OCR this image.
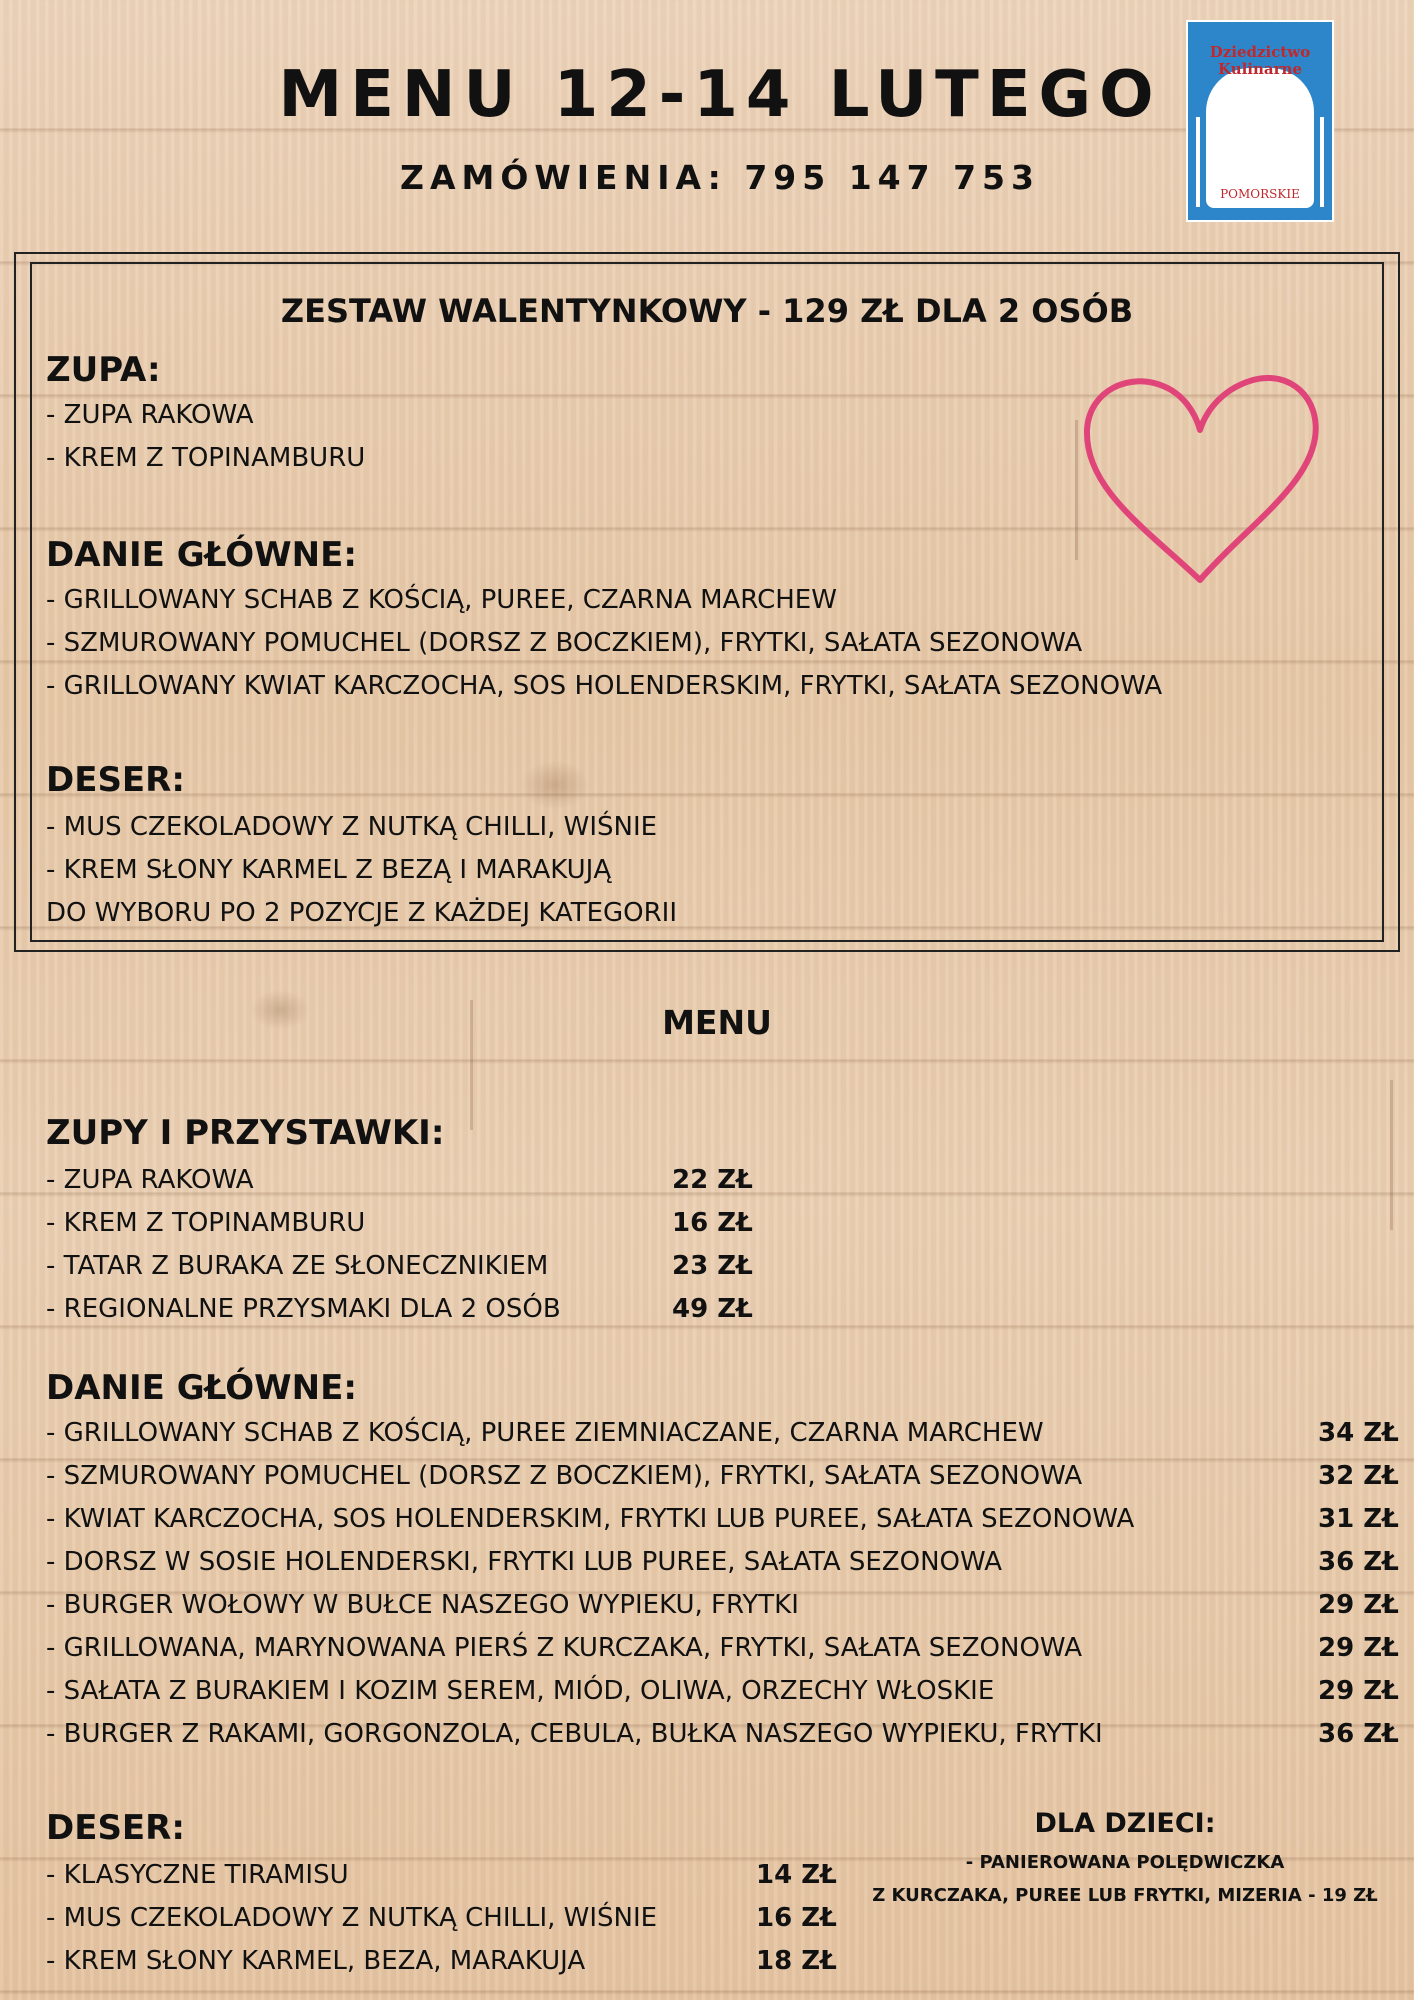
MENU 12-14 LUTEGO
ZAMÓWIENIA: 795 147 753
Dziedzictwo
Kulinarne
POMORSKIE
ZESTAW WALENTYNKOWY - 129 ZŁ DLA 2 OSÓB
ZUPA:
- ZUPA RAKOWA
- KREM Z TOPINAMBURU
DANIE GŁÓWNE:
- GRILLOWANY SCHAB Z KOŚCIĄ, PUREE, CZARNA MARCHEW
- SZMUROWANY POMUCHEL (DORSZ Z BOCZKIEM), FRYTKI, SAŁATA SEZONOWA
- GRILLOWANY KWIAT KARCZOCHA, SOS HOLENDERSKIM, FRYTKI, SAŁATA SEZONOWA
DESER:
- MUS CZEKOLADOWY Z NUTKĄ CHILLI, WIŚNIE
- KREM SŁONY KARMEL Z BEZĄ I MARAKUJĄ
DO WYBORU PO 2 POZYCJE Z KAŻDEJ KATEGORII
MENU
ZUPY I PRZYSTAWKI:
- ZUPA RAKOWA	22 ZŁ
- KREM Z TOPINAMBURU	16 ZŁ
- TATAR Z BURAKA ZE SŁONECZNIKIEM	23 ZŁ
- REGIONALNE PRZYSMAKI DLA 2 OSÓB	49 ZŁ
DANIE GŁÓWNE:
- GRILLOWANY SCHAB Z KOŚCIĄ, PUREE ZIEMNIACZANE, CZARNA MARCHEW	34 ZŁ
- SZMUROWANY POMUCHEL (DORSZ Z BOCZKIEM), FRYTKI, SAŁATA SEZONOWA	32 ZŁ
- KWIAT KARCZOCHA, SOS HOLENDERSKIM, FRYTKI LUB PUREE, SAŁATA SEZONOWA	31 ZŁ
- DORSZ W SOSIE HOLENDERSKI, FRYTKI LUB PUREE, SAŁATA SEZONOWA	36 ZŁ
- BURGER WOŁOWY W BUŁCE NASZEGO WYPIEKU, FRYTKI	29 ZŁ
- GRILLOWANA, MARYNOWANA PIERŚ Z KURCZAKA, FRYTKI, SAŁATA SEZONOWA	29 ZŁ
- SAŁATA Z BURAKIEM I KOZIM SEREM, MIÓD, OLIWA, ORZECHY WŁOSKIE	29 ZŁ
- BURGER Z RAKAMI, GORGONZOLA, CEBULA, BUŁKA NASZEGO WYPIEKU, FRYTKI	36 ZŁ
DESER:
- KLASYCZNE TIRAMISU	14 ZŁ
- MUS CZEKOLADOWY Z NUTKĄ CHILLI, WIŚNIE	16 ZŁ
- KREM SŁONY KARMEL, BEZA, MARAKUJA	18 ZŁ
DLA DZIECI:
- PANIEROWANA POLĘDWICZKA
Z KURCZAKA, PUREE LUB FRYTKI, MIZERIA - 19 ZŁ
